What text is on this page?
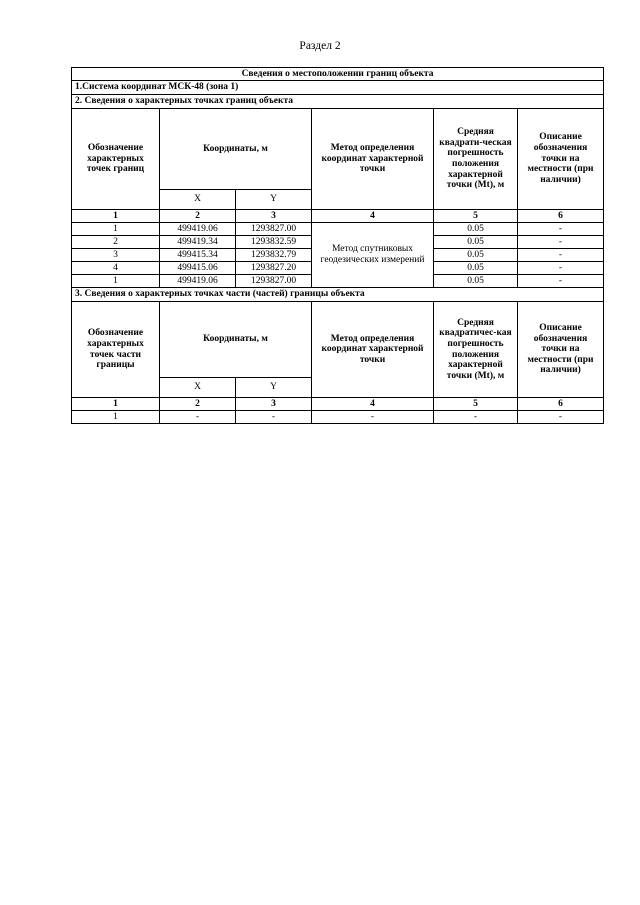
Раздел 2
Сведения о местоположении границ объекта					
1.Система координат МСК-48 (зона 1)					
2. Сведения о характерных точках границ объекта					
Обозначение характерных точек границ	Координаты, м		Метод определения координат характерной точки	Средняя квадрати-ческая погрешность положения характерной точки (Mt), м	Описание обозначения точки на местности (при наличии)
	X	Y			
1	2	3	4	5	6
1	499419.06	1293827.00	Метод спутниковых геодезических измерений	0.05	-
2	499419.34	1293832.59		0.05	-
3	499415.34	1293832.79		0.05	-
4	499415.06	1293827.20		0.05	-
1	499419.06	1293827.00		0.05	-
3. Сведения о характерных точках части (частей) границы объекта					
Обозначение характерных точек части границы	Координаты, м		Метод определения координат характерной точки	Средняя квадратичес-кая погрешность положения характерной точки (Mt), м	Описание обозначения точки на местности (при наличии)
	X	Y			
1	2	3	4	5	6
1	-	-	-	-	-
